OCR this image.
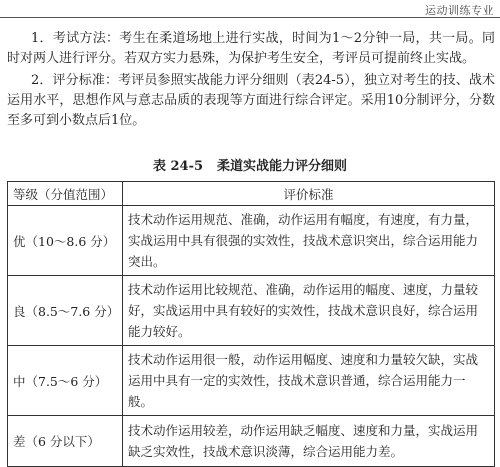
运动训练专业

1．考试方法：考生在柔道场地上进行实战，时间为1～2分钟一局，共一局。同时对两人进行评分。若双方实力悬殊，为保护考生安全，考评员可提前终止实战。

2．评分标准：考评员参照实战能力评分细则（表24-5），独立对考生的技、战术运用水平，思想作风与意志品质的表现等方面进行综合评定。采用10分制评分，分数至多可到小数点后1位。

表 24-5 柔道实战能力评分细则
等级（分值范围）	评价标准
优（10～8.6 分）	技术动作运用规范、准确，动作运用有幅度，有速度，有力量，实战运用中具有很强的实效性，技战术意识突出，综合运用能力突出。
良（8.5～7.6 分）	技术动作运用比较规范、准确，动作运用的幅度、速度，力量较好，实战运用中具有较好的实效性，技战术意识良好，综合运用能力较好。
中（7.5～6 分）	技术动作运用很一般，动作运用幅度、速度和力量较欠缺，实战运用中具有一定的实效性，技战术意识普通，综合运用能力一般。
差（6 分以下）	技术动作运用较差，动作运用缺乏幅度、速度和力量，实战运用缺乏实效性，技战术意识淡薄，综合运用能力差。
